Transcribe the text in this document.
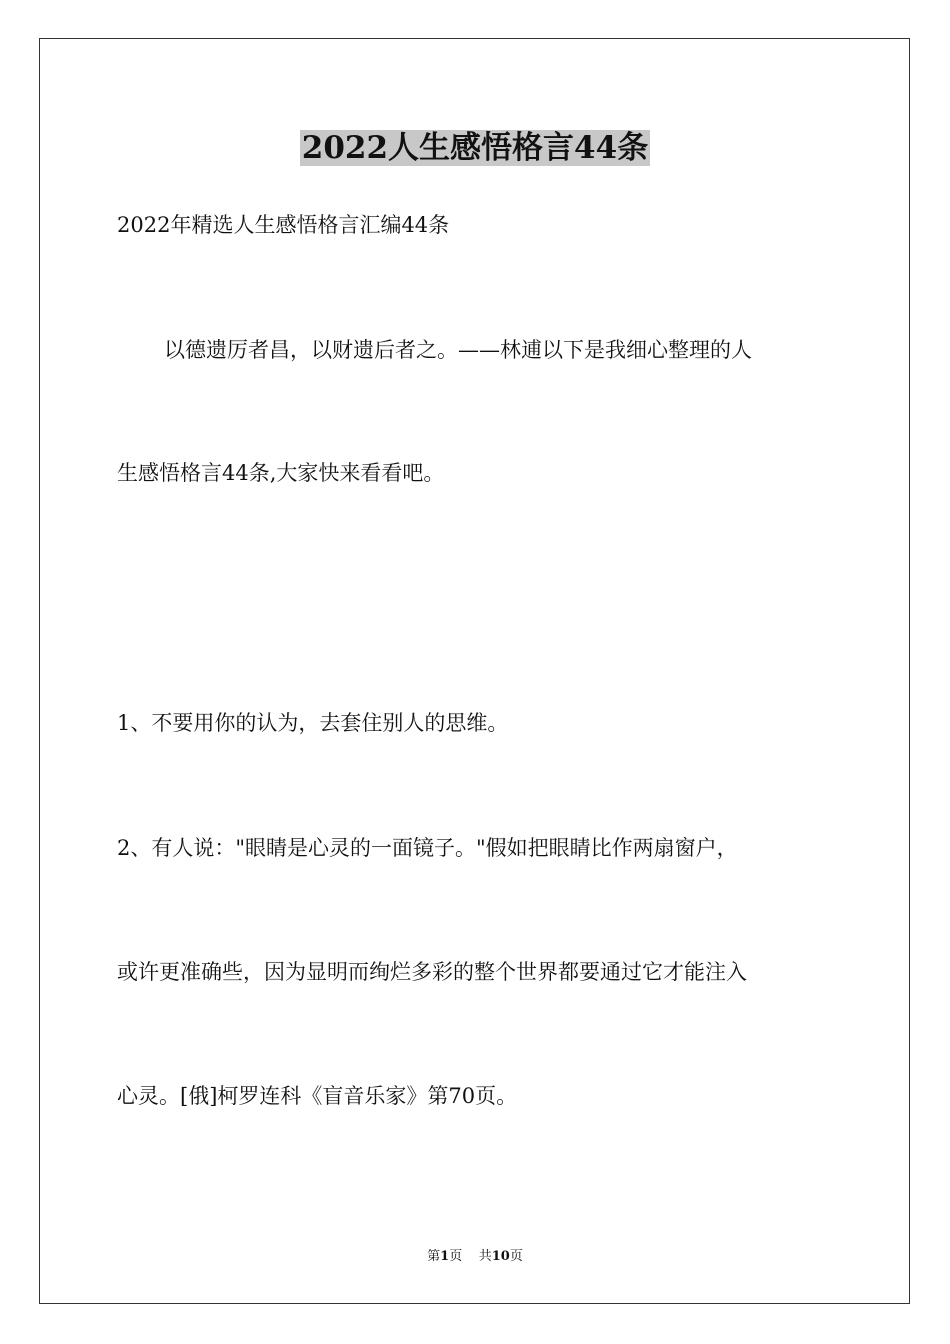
2022人生感悟格言44条

2022年精选人生感悟格言汇编44条

以德遗厉者昌，以财遗后者之。——林逋以下是我细心整理的人

生感悟格言44条,大家快来看看吧。

1、不要用你的认为，去套住别人的思维。

2、有人说："眼睛是心灵的一面镜子。"假如把眼睛比作两扇窗户，

或许更准确些，因为显明而绚烂多彩的整个世界都要通过它才能注入

心灵。[俄]柯罗连科《盲音乐家》第70页。

第1页 共10页
